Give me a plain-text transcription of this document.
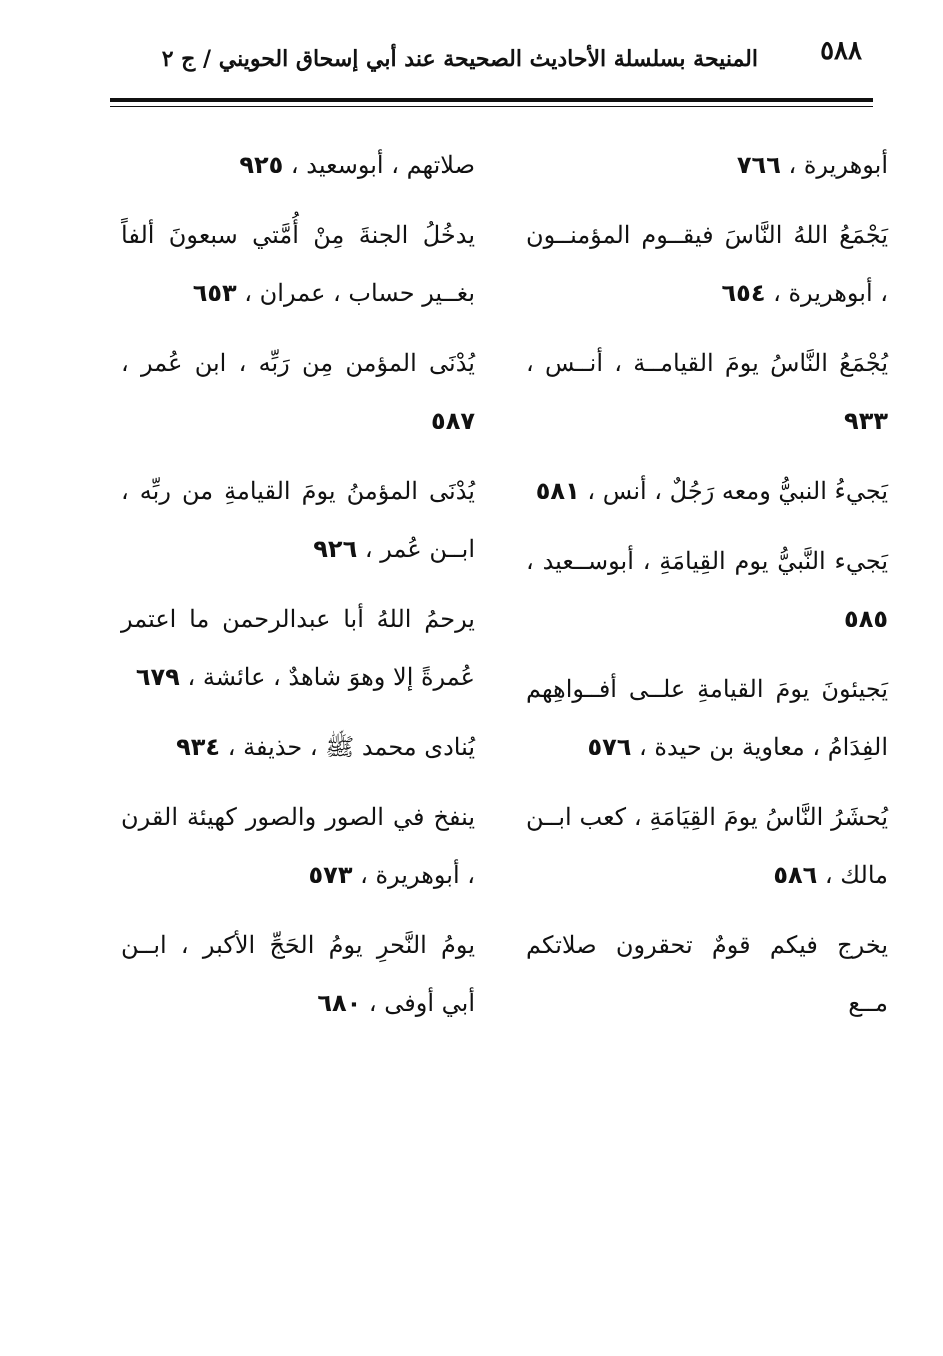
٥٨٨
المنيحة بسلسلة الأحاديث الصحيحة عند أبي إسحاق الحويني / ج ٢

أبوهريرة ، ٧٦٦

يَجْمَعُ اللهُ النَّاسَ فيقــوم المؤمنــون ، أبوهريرة ، ٦٥٤

يُجْمَعُ النَّاسُ يومَ القيامــة ، أنــس ، ٩٣٣

يَجيءُ النبيُّ ومعه رَجُلٌ ، أنس ، ٥٨١

يَجيء النَّبيُّ يوم القِيامَةِ ، أبوســعيد ، ٥٨٥

يَجيئونَ يومَ القيامةِ علــى أفــواهِهم الفِدَامُ ، معاوية بن حيدة ، ٥٧٦

يُحشَرُ النَّاسُ يومَ القِيَامَةِ ، كعب ابــن مالك ، ٥٨٦

يخرج فيكم قومٌ تحقرون صلاتكم مــع

صلاتهم ، أبوسعيد ، ٩٢٥

يدخُلُ الجنةَ مِنْ أُمَّتي سبعونَ ألفاً بغــير حساب ، عمران ، ٦٥٣

يُدْنَى المؤمن مِن رَبِّه ، ابن عُمر ، ٥٨٧

يُدْنَى المؤمنُ يومَ القيامةِ من ربِّه ، ابــن عُمر ، ٩٢٦

يرحمُ اللهُ أبا عبدالرحمن ما اعتمر عُمرةً إلا وهوَ شاهدٌ ، عائشة ، ٦٧٩

يُنادى محمد ﷺ ، حذيفة ، ٩٣٤

ينفخ في الصور والصور كهيئة القرن ، أبوهريرة ، ٥٧٣

يومُ النَّحرِ يومُ الحَجِّ الأكبر ، ابــن أبي أوفى ، ٦٨٠
